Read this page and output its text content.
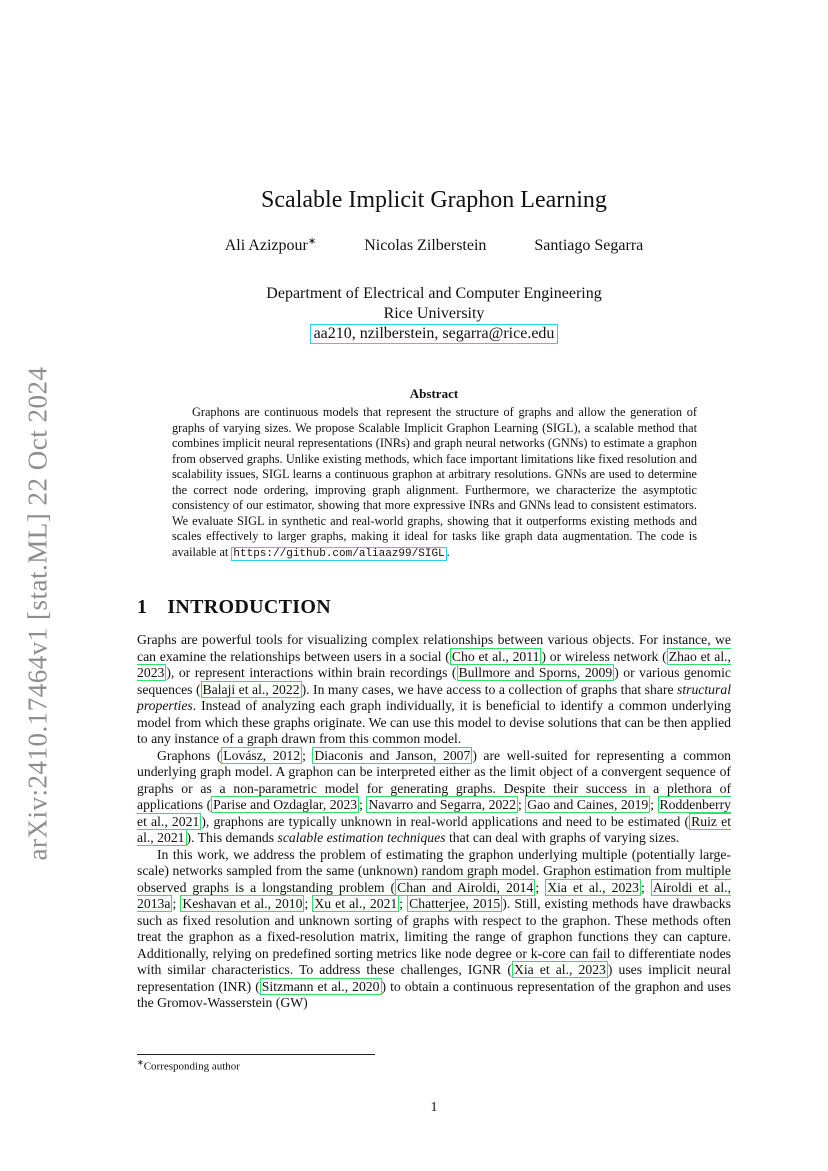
arXiv:2410.17464v1 [stat.ML] 22 Oct 2024
Scalable Implicit Graphon Learning
Ali Azizpour∗	Nicolas Zilberstein	Santiago Segarra
Department of Electrical and Computer Engineering
Rice University
aa210, nzilberstein, segarra@rice.edu
Abstract
Graphons are continuous models that represent the structure of graphs and allow the generation of graphs of varying sizes. We propose Scalable Implicit Graphon Learning (SIGL), a scalable method that combines implicit neural representations (INRs) and graph neural networks (GNNs) to estimate a graphon from observed graphs. Unlike existing methods, which face important limitations like fixed resolution and scalability issues, SIGL learns a continuous graphon at arbitrary resolutions. GNNs are used to determine the correct node ordering, improving graph alignment. Furthermore, we characterize the asymptotic consistency of our estimator, showing that more expressive INRs and GNNs lead to consistent estimators. We evaluate SIGL in synthetic and real-world graphs, showing that it outperforms existing methods and scales effectively to larger graphs, making it ideal for tasks like graph data augmentation. The code is available at https://github.com/aliaaz99/SIGL .
1 INTRODUCTION

Graphs are powerful tools for visualizing complex relationships between various objects. For instance, we can examine the relationships between users in a social ( Cho et al., 2011 ) or wireless network ( Zhao et al., 2023 ), or represent interactions within brain recordings ( Bullmore and Sporns, 2009 ) or various genomic sequences ( Balaji et al., 2022 ). In many cases, we have access to a collection of graphs that share structural properties. Instead of analyzing each graph individually, it is beneficial to identify a common underlying model from which these graphs originate. We can use this model to devise solutions that can be then applied to any instance of a graph drawn from this common model.

Graphons ( Lovász, 2012 ; Diaconis and Janson, 2007 ) are well-suited for representing a common underlying graph model. A graphon can be interpreted either as the limit object of a convergent sequence of graphs or as a non-parametric model for generating graphs. Despite their success in a plethora of applications ( Parise and Ozdaglar, 2023 ; Navarro and Segarra, 2022 ; Gao and Caines, 2019 ; Roddenberry et al., 2021 ), graphons are typically unknown in real-world applications and need to be estimated ( Ruiz et al., 2021 ). This demands scalable estimation techniques that can deal with graphs of varying sizes.

In this work, we address the problem of estimating the graphon underlying multiple (potentially large-scale) networks sampled from the same (unknown) random graph model. Graphon estimation from multiple observed graphs is a longstanding problem ( Chan and Airoldi, 2014 ; Xia et al., 2023 ; Airoldi et al., 2013a ; Keshavan et al., 2010 ; Xu et al., 2021 ; Chatterjee, 2015 ). Still, existing methods have drawbacks such as fixed resolution and unknown sorting of graphs with respect to the graphon. These methods often treat the graphon as a fixed-resolution matrix, limiting the range of graphon functions they can capture. Additionally, relying on predefined sorting metrics like node degree or k-core can fail to differentiate nodes with similar characteristics. To address these challenges, IGNR ( Xia et al., 2023 ) uses implicit neural representation (INR) ( Sitzmann et al., 2020 ) to obtain a continuous representation of the graphon and uses the Gromov-Wasserstein (GW)

∗Corresponding author
1
